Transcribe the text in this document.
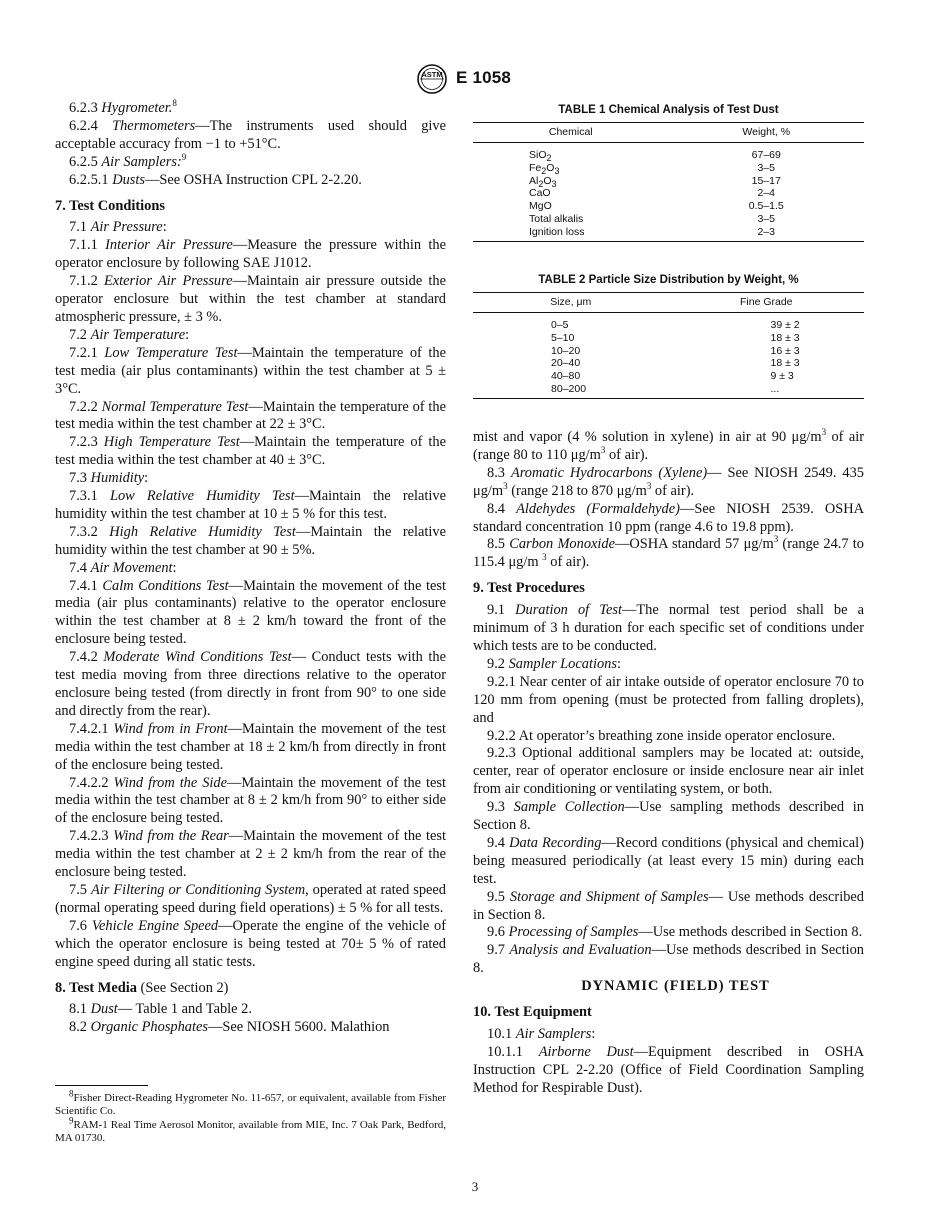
ASTM E 1058

6.2.3 Hygrometer.$^8$

6.2.4 Thermometers—The instruments used should give acceptable accuracy from −1 to +51°C.

6.2.5 Air Samplers:$^9$

6.2.5.1 Dusts—See OSHA Instruction CPL 2-2.20.

7. Test Conditions

7.1 Air Pressure:

7.1.1 Interior Air Pressure—Measure the pressure within the operator enclosure by following SAE J1012.

7.1.2 Exterior Air Pressure—Maintain air pressure outside the operator enclosure but within the test chamber at standard atmospheric pressure, ± 3 %.

7.2 Air Temperature:

7.2.1 Low Temperature Test—Maintain the temperature of the test media (air plus contaminants) within the test chamber at 5 ± 3°C.

7.2.2 Normal Temperature Test—Maintain the temperature of the test media within the test chamber at 22 ± 3°C.

7.2.3 High Temperature Test—Maintain the temperature of the test media within the test chamber at 40 ± 3°C.

7.3 Humidity:

7.3.1 Low Relative Humidity Test—Maintain the relative humidity within the test chamber at 10 ± 5 % for this test.

7.3.2 High Relative Humidity Test—Maintain the relative humidity within the test chamber at 90 ± 5%.

7.4 Air Movement:

7.4.1 Calm Conditions Test—Maintain the movement of the test media (air plus contaminants) relative to the operator enclosure within the test chamber at 8 ± 2 km/h toward the front of the enclosure being tested.

7.4.2 Moderate Wind Conditions Test— Conduct tests with the test media moving from three directions relative to the operator enclosure being tested (from directly in front from 90° to one side and directly from the rear).

7.4.2.1 Wind from in Front—Maintain the movement of the test media within the test chamber at 18 ± 2 km/h from directly in front of the enclosure being tested.

7.4.2.2 Wind from the Side—Maintain the movement of the test media within the test chamber at 8 ± 2 km/h from 90° to either side of the enclosure being tested.

7.4.2.3 Wind from the Rear—Maintain the movement of the test media within the test chamber at 2 ± 2 km/h from the rear of the enclosure being tested.

7.5 Air Filtering or Conditioning System, operated at rated speed (normal operating speed during field operations) ± 5 % for all tests.

7.6 Vehicle Engine Speed—Operate the engine of the vehicle of which the operator enclosure is being tested at 70± 5 % of rated engine speed during all static tests.

8. Test Media (See Section 2)

8.1 Dust— Table 1 and Table 2.

8.2 Organic Phosphates—See NIOSH 5600. Malathion

$^8$Fisher Direct-Reading Hygrometer No. 11-657, or equivalent, available from Fisher Scientific Co.

$^9$RAM-1 Real Time Aerosol Monitor, available from MIE, Inc. 7 Oak Park, Bedford, MA 01730.

TABLE 1 Chemical Analysis of Test Dust
Chemical	Weight, %
SiO$_2$	67–69
$Fe_2O_3$	3–5
$Al_2O_3$	15–17
CaO	2–4
MgO	0.5–1.5
Total alkalis	3–5
Ignition loss	2–3
TABLE 2 Particle Size Distribution by Weight, %
Size, μm	Fine Grade
0–5	39 ± 2
5–10	18 ± 3
10–20	16 ± 3
20–40	18 ± 3
40–80	9 ± 3
80–200	...

mist and vapor (4 % solution in xylene) in air at 90 $\mu g/m^3$ of air (range 80 to 110 $\mu g/m^3$ of air).

8.3 Aromatic Hydrocarbons (Xylene)— See NIOSH 2549. 435 $\mu g/m^3$ (range 218 to 870 $\mu g/m^3$ of air).

8.4 Aldehydes (Formaldehyde)—See NIOSH 2539. OSHA standard concentration 10 ppm (range 4.6 to 19.8 ppm).

8.5 Carbon Monoxide—OSHA standard 57 $\mu g/m^3$ (range 24.7 to 115.4 μg/m $^3$ of air).

9. Test Procedures

9.1 Duration of Test—The normal test period shall be a minimum of 3 h duration for each specific set of conditions under which tests are to be conducted.

9.2 Sampler Locations:

9.2.1 Near center of air intake outside of operator enclosure 70 to 120 mm from opening (must be protected from falling droplets), and

9.2.2 At operator’s breathing zone inside operator enclosure.

9.2.3 Optional additional samplers may be located at: outside, center, rear of operator enclosure or inside enclosure near air inlet from air conditioning or ventilating system, or both.

9.3 Sample Collection—Use sampling methods described in Section 8.

9.4 Data Recording—Record conditions (physical and chemical) being measured periodically (at least every 15 min) during each test.

9.5 Storage and Shipment of Samples— Use methods described in Section 8.

9.6 Processing of Samples—Use methods described in Section 8.

9.7 Analysis and Evaluation—Use methods described in Section 8.

DYNAMIC (FIELD) TEST

10. Test Equipment

10.1 Air Samplers:

10.1.1 Airborne Dust—Equipment described in OSHA Instruction CPL 2-2.20 (Office of Field Coordination Sampling Method for Respirable Dust).

3
